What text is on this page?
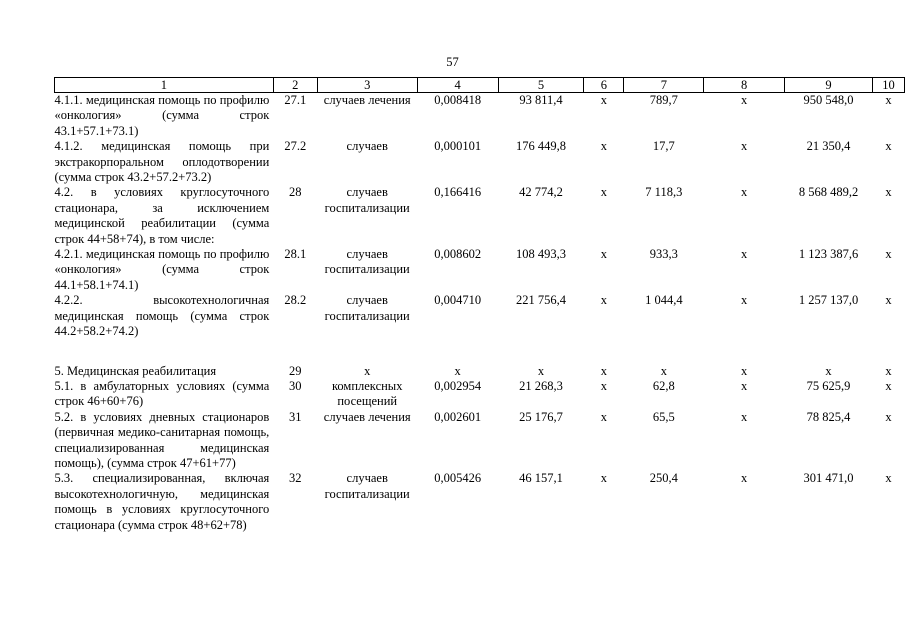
57
1	2	3	4	5	6	7	8	9	10
4.1.1. медицинская помощь по профилю «онкология» (сумма строк 43.1+57.1+73.1)	27.1	случаев лечения	0,008418	93 811,4	х	789,7	х	950 548,0	х
4.1.2. медицинская помощь при экстракорпоральном оплодотворении (сумма строк 43.2+57.2+73.2)	27.2	случаев	0,000101	176 449,8	х	17,7	х	21 350,4	х
4.2. в условиях круглосуточного стационара, за исключением медицинской реабилитации (сумма строк 44+58+74), в том числе:	28	случаев госпитализации	0,166416	42 774,2	х	7 118,3	х	8 568 489,2	х
4.2.1. медицинская помощь по профилю «онкология» (сумма строк 44.1+58.1+74.1)	28.1	случаев госпитализации	0,008602	108 493,3	х	933,3	х	1 123 387,6	х
4.2.2. высокотехнологичная медицинская помощь (сумма строк 44.2+58.2+74.2)	28.2	случаев госпитализации	0,004710	221 756,4	х	1 044,4	х	1 257 137,0	х

5. Медицинская реабилитация	29	х	х	х	х	х	х	х	х
5.1. в амбулаторных условиях (сумма строк 46+60+76)	30	комплексных посещений	0,002954	21 268,3	х	62,8	х	75 625,9	х
5.2. в условиях дневных стационаров (первичная медико-санитарная помощь, специализированная медицинская помощь), (сумма строк 47+61+77)	31	случаев лечения	0,002601	25 176,7	х	65,5	х	78 825,4	х
5.3. специализированная, включая высокотехнологичную, медицинская помощь в условиях круглосуточного стационара (сумма строк 48+62+78)	32	случаев госпитализации	0,005426	46 157,1	х	250,4	х	301 471,0	х
